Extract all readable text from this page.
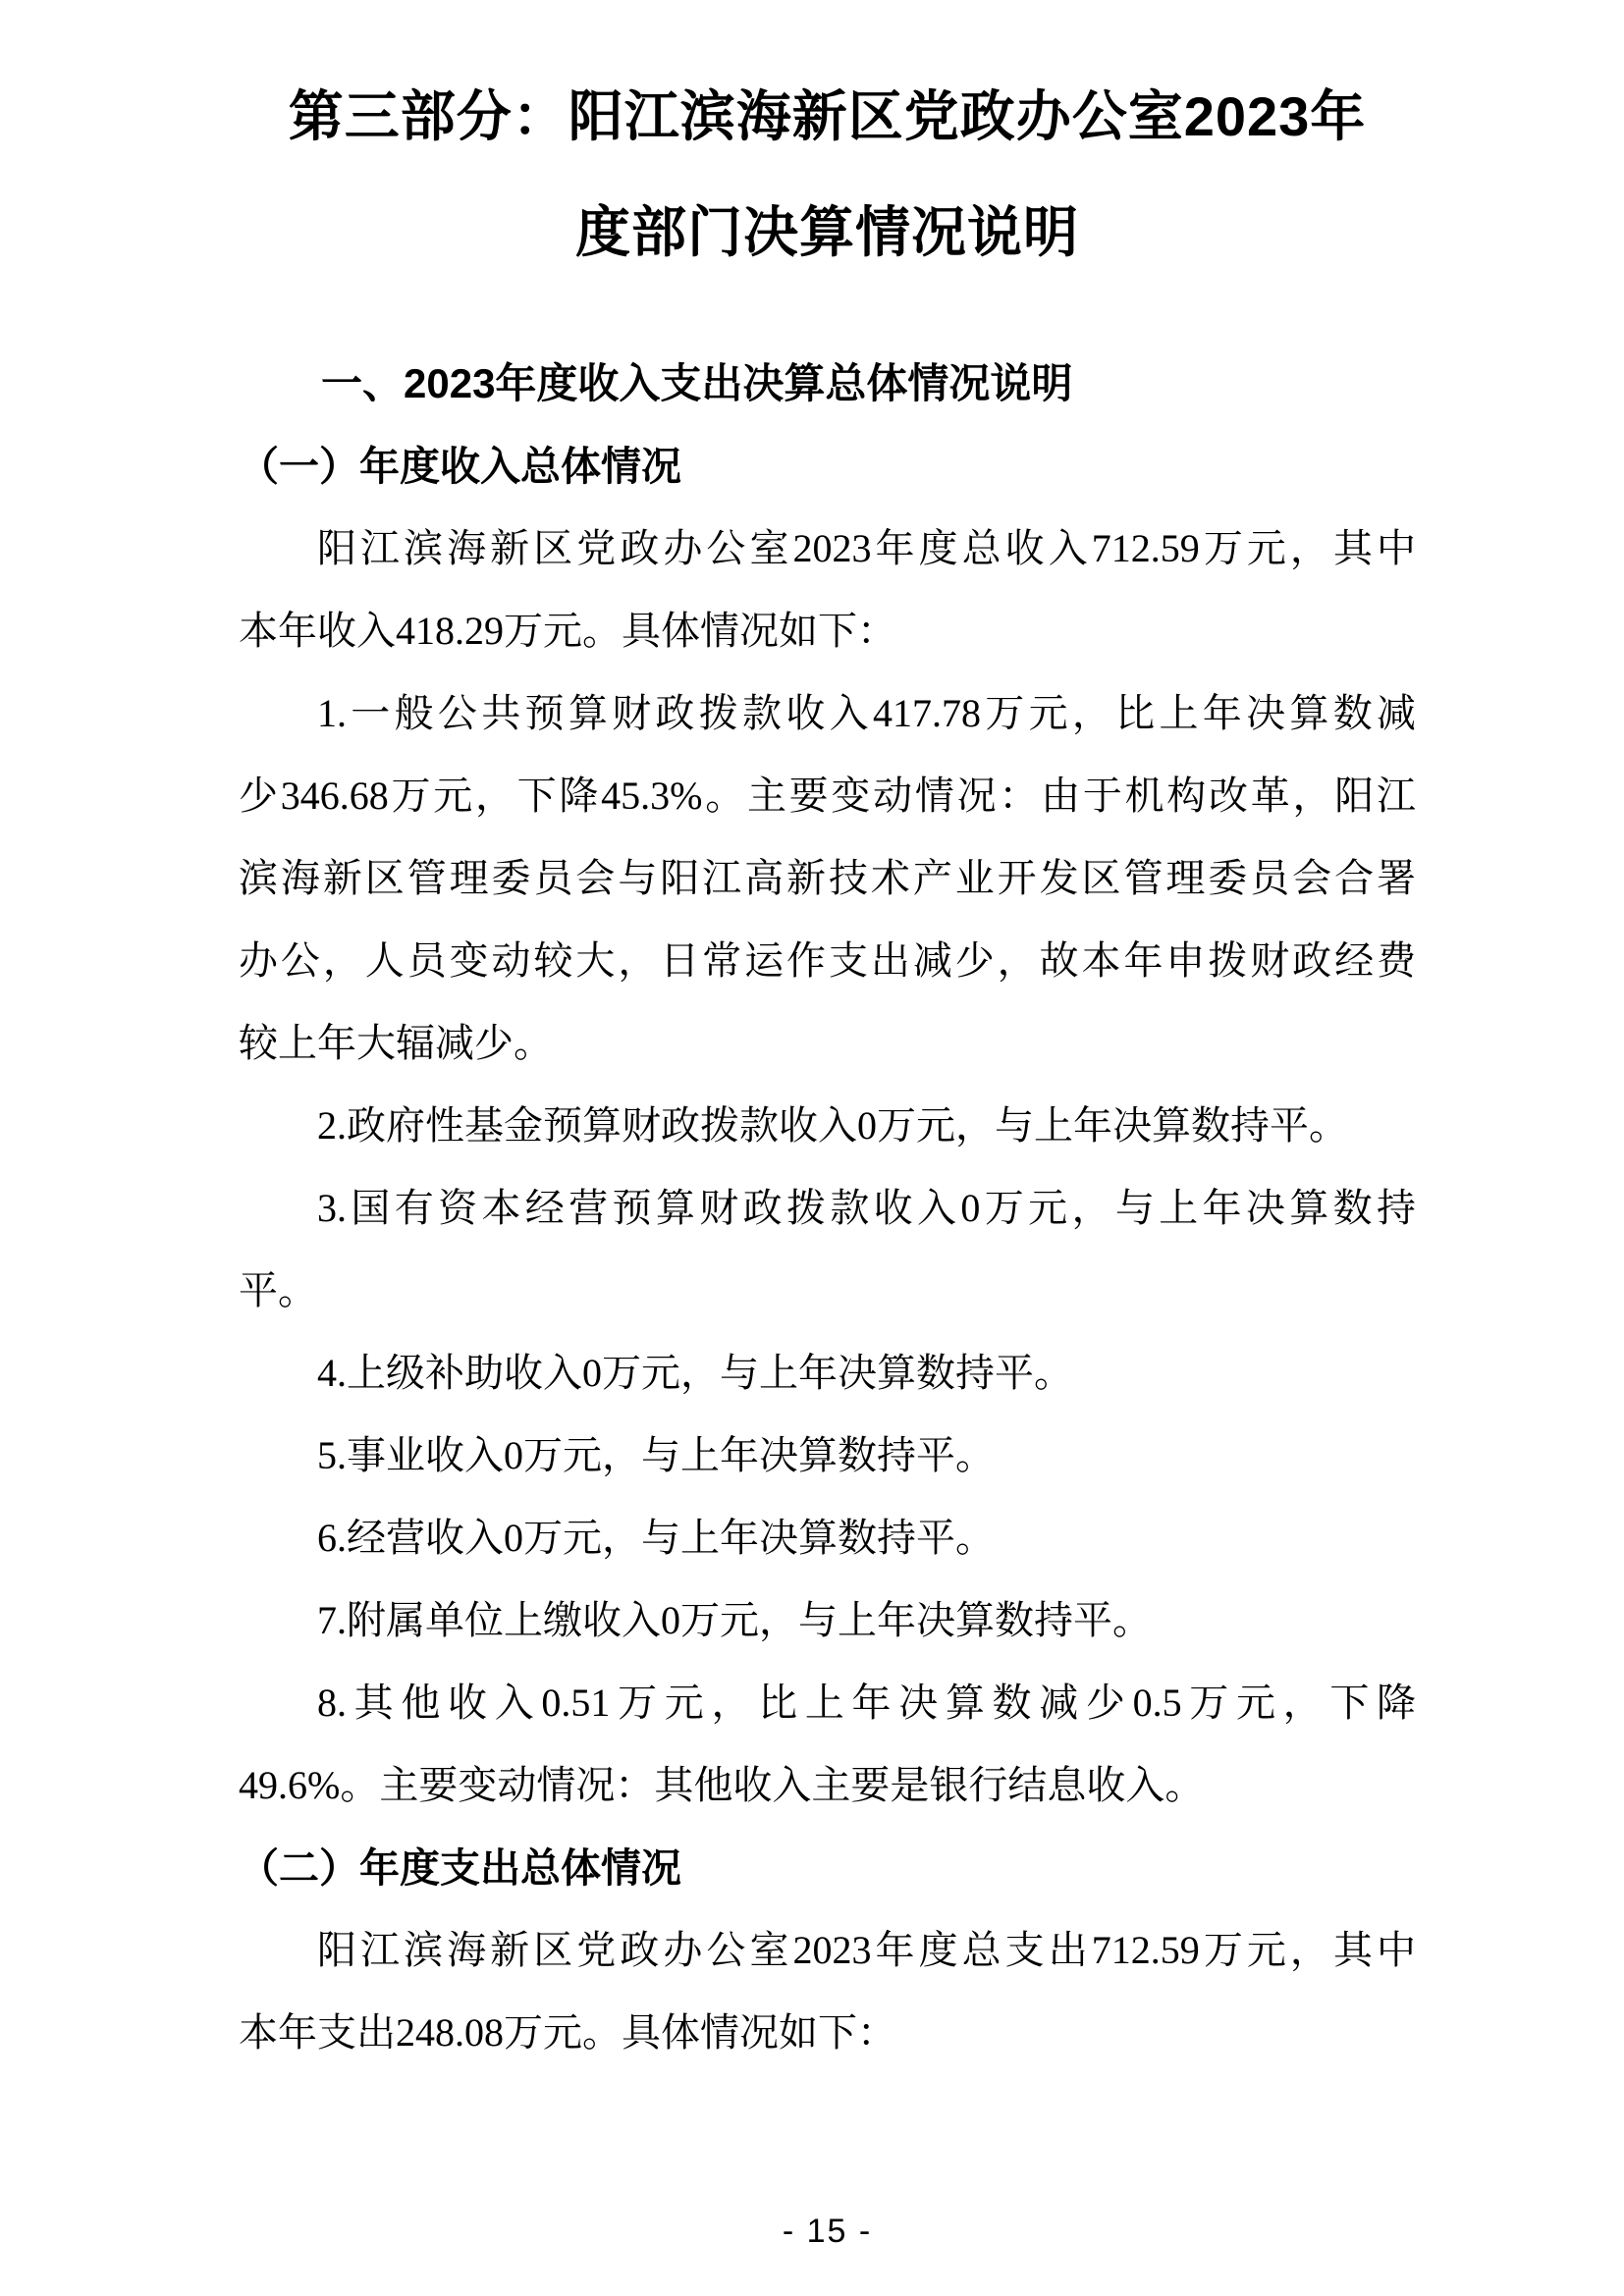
第三部分：阳江滨海新区党政办公室2023年
度部门决算情况说明
一、2023年度收入支出决算总体情况说明
（一）年度收入总体情况
阳江滨海新区党政办公室2023年度总收入712.59万元，其中
本年收入418.29万元。具体情况如下：
1.一般公共预算财政拨款收入417.78万元，比上年决算数减
少346.68万元，下降45.3%。主要变动情况：由于机构改革，阳江
滨海新区管理委员会与阳江高新技术产业开发区管理委员会合署
办公，人员变动较大，日常运作支出减少，故本年申拨财政经费
较上年大辐减少。
2.政府性基金预算财政拨款收入0万元，与上年决算数持平。
3.国有资本经营预算财政拨款收入0万元，与上年决算数持
平。
4.上级补助收入0万元，与上年决算数持平。
5.事业收入0万元，与上年决算数持平。
6.经营收入0万元，与上年决算数持平。
7.附属单位上缴收入0万元，与上年决算数持平。
8.其他收入0.51万元，比上年决算数减少0.5万元，下降
49.6%。主要变动情况：其他收入主要是银行结息收入。
（二）年度支出总体情况
阳江滨海新区党政办公室2023年度总支出712.59万元，其中
本年支出248.08万元。具体情况如下：
- 15 -
